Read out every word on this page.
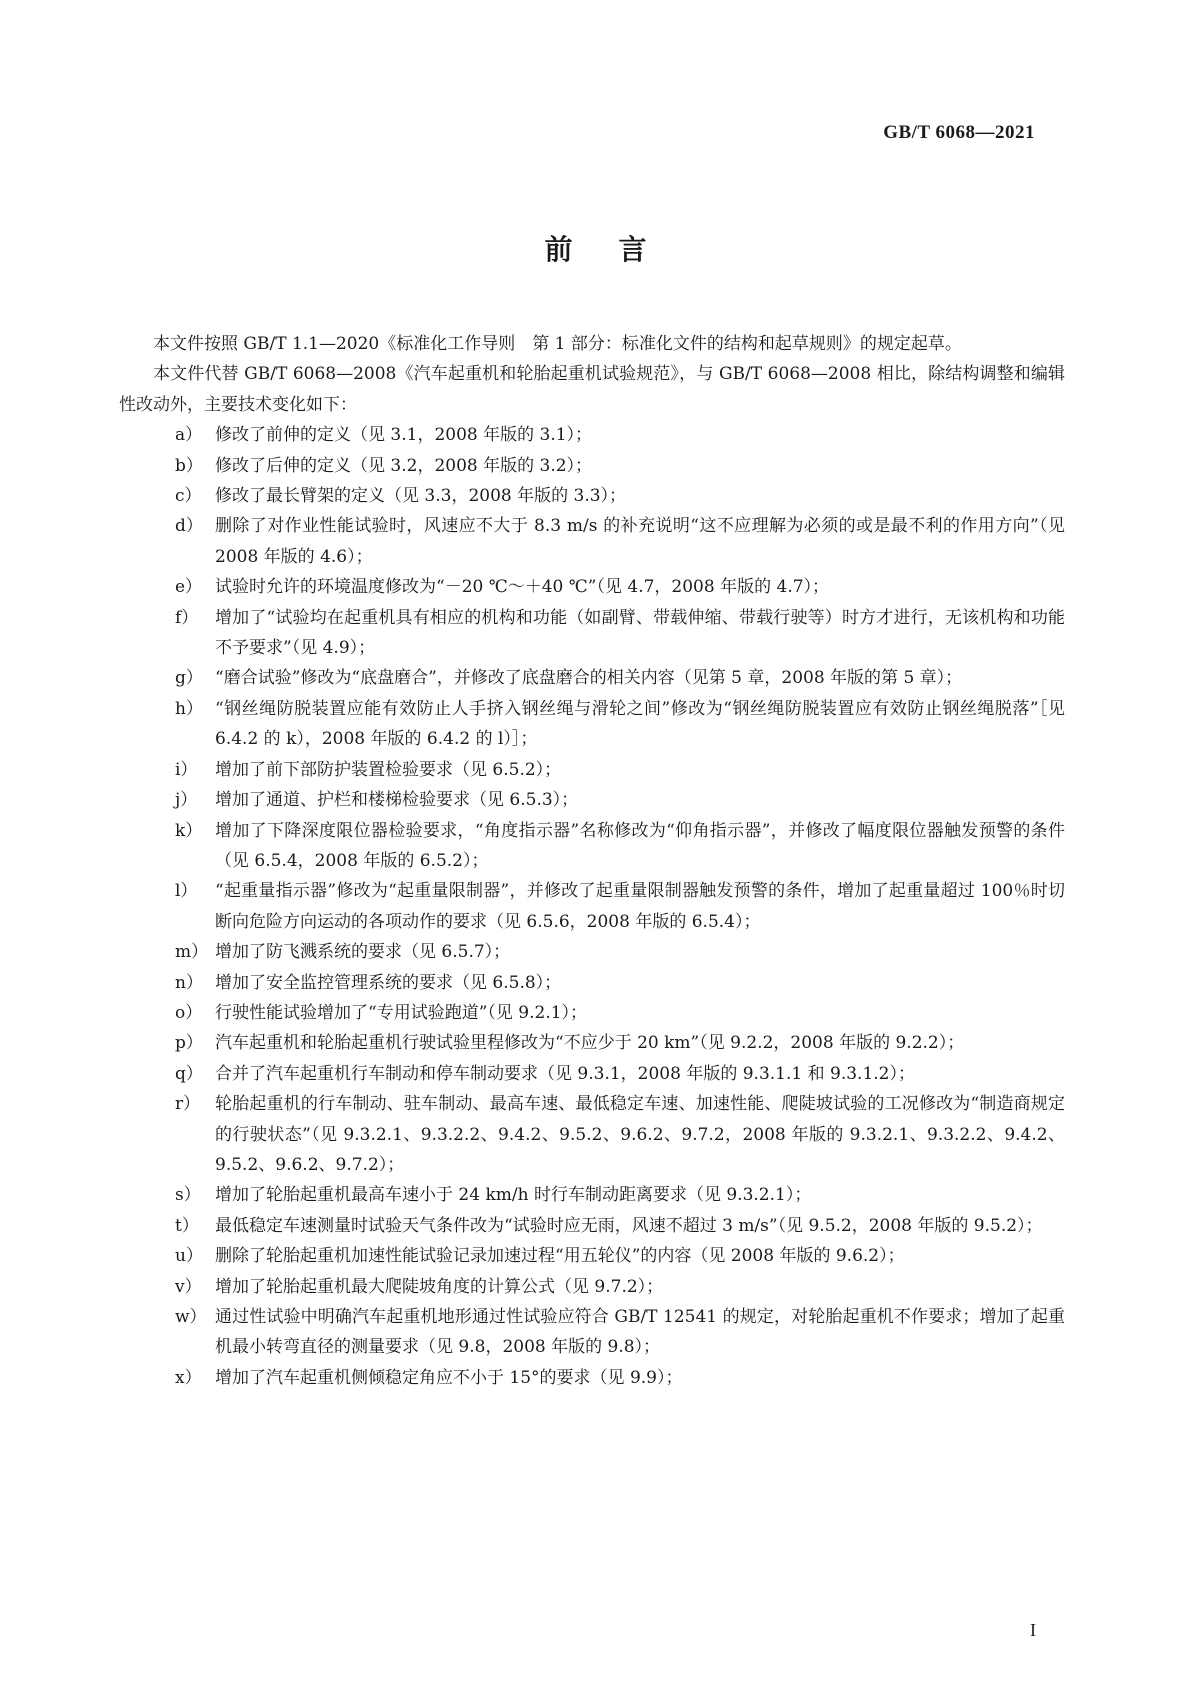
GB/T 6068—2021
前言

本文件按照 GB/T 1.1—2020《标准化工作导则　第 1 部分：标准化文件的结构和起草规则》的规定起草。

本文件代替 GB/T 6068—2008《汽车起重机和轮胎起重机试验规范》，与 GB/T 6068—2008 相比，除结构调整和编辑性改动外，主要技术变化如下：

a） 修改了前伸的定义（见 3.1，2008 年版的 3.1）；
b） 修改了后伸的定义（见 3.2，2008 年版的 3.2）；
c） 修改了最长臂架的定义（见 3.3，2008 年版的 3.3）；
d） 删除了对作业性能试验时，风速应不大于 8.3 m/s 的补充说明“这不应理解为必须的或是最不利的作用方向”（见 2008 年版的 4.6）；
e） 试验时允许的环境温度修改为“－20 ℃～＋40 ℃”（见 4.7，2008 年版的 4.7）；
f） 增加了“试验均在起重机具有相应的机构和功能（如副臂、带载伸缩、带载行驶等）时方才进行，无该机构和功能不予要求”（见 4.9）；
g） “磨合试验”修改为“底盘磨合”，并修改了底盘磨合的相关内容（见第 5 章，2008 年版的第 5 章）；
h） “钢丝绳防脱装置应能有效防止人手挤入钢丝绳与滑轮之间”修改为“钢丝绳防脱装置应有效防止钢丝绳脱落”［见 6.4.2 的 k），2008 年版的 6.4.2 的 l）］；
i）	增加了前下部防护装置检验要求（见 6.5.2）；
j）	增加了通道、护栏和楼梯检验要求（见 6.5.3）；
k） 增加了下降深度限位器检验要求，“角度指示器”名称修改为“仰角指示器”，并修改了幅度限位器触发预警的条件（见 6.5.4，2008 年版的 6.5.2）；
l）	“起重量指示器”修改为“起重量限制器”，并修改了起重量限制器触发预警的条件，增加了起重量超过 100％时切断向危险方向运动的各项动作的要求（见 6.5.6，2008 年版的 6.5.4）；
m） 增加了防飞溅系统的要求（见 6.5.7）；
n） 增加了安全监控管理系统的要求（见 6.5.8）；
o） 行驶性能试验增加了“专用试验跑道”（见 9.2.1）；
p） 汽车起重机和轮胎起重机行驶试验里程修改为“不应少于 20 km”（见 9.2.2，2008 年版的 9.2.2）；
q） 合并了汽车起重机行车制动和停车制动要求（见 9.3.1，2008 年版的 9.3.1.1 和 9.3.1.2）；
r） 轮胎起重机的行车制动、驻车制动、最高车速、最低稳定车速、加速性能、爬陡坡试验的工况修改为“制造商规定的行驶状态”（见 9.3.2.1、9.3.2.2、9.4.2、9.5.2、9.6.2、9.7.2，2008 年版的 9.3.2.1、9.3.2.2、9.4.2、9.5.2、9.6.2、9.7.2）；
s） 增加了轮胎起重机最高车速小于 24 km/h 时行车制动距离要求（见 9.3.2.1）；
t） 最低稳定车速测量时试验天气条件改为“试验时应无雨，风速不超过 3 m/s”（见 9.5.2，2008 年版的 9.5.2）；
u） 删除了轮胎起重机加速性能试验记录加速过程“用五轮仪”的内容（见 2008 年版的 9.6.2）；
v） 增加了轮胎起重机最大爬陡坡角度的计算公式（见 9.7.2）；
w） 通过性试验中明确汽车起重机地形通过性试验应符合 GB/T 12541 的规定，对轮胎起重机不作要求；增加了起重机最小转弯直径的测量要求（见 9.8，2008 年版的 9.8）；
x） 增加了汽车起重机侧倾稳定角应不小于 15°的要求（见 9.9）；
I
